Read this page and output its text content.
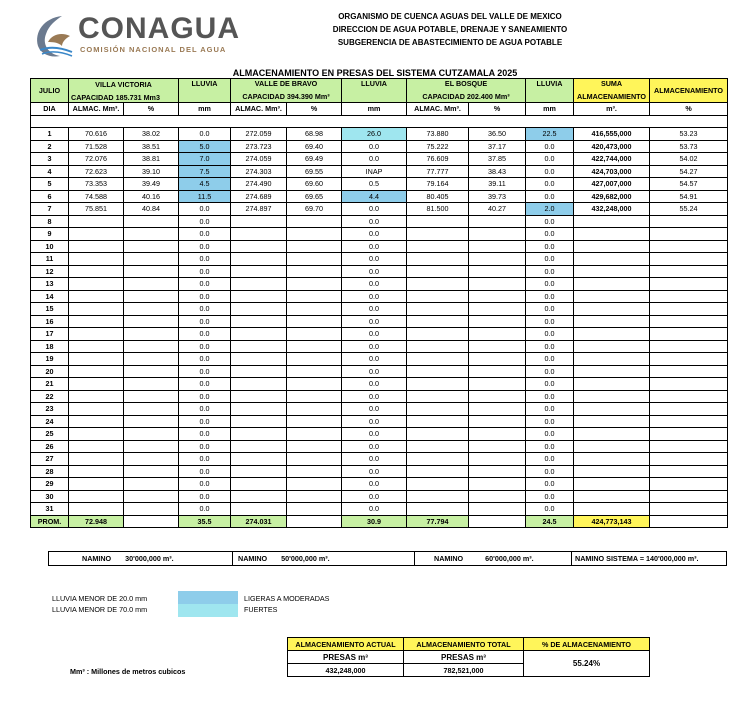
CONAGUA
COMISIÓN NACIONAL DEL AGUA
ORGANISMO DE CUENCA AGUAS DEL VALLE DE MEXICO
DIRECCION DE AGUA POTABLE, DRENAJE Y SANEAMIENTO
SUBGERENCIA DE ABASTECIMIENTO DE AGUA POTABLE
ALMACENAMIENTO EN PRESAS DEL SISTEMA CUTZAMALA 2025
JULIO	VILLA VICTORIA		LLUVIA	VALLE DE BRAVO		LLUVIA	EL BOSQUE		LLUVIA	SUMA	ALMACENAMIENTO
	CAPACIDAD 185.731 Mm3			CAPACIDAD 394.390 Mm³			CAPACIDAD 202.400 Mm³			ALMACENAMIENTO	
DIA	ALMAC. Mm³.	%	mm	ALMAC. Mm³.	%	mm	ALMAC. Mm³.	%	mm	m³.	%

1	70.616	38.02	0.0	272.059	68.98	26.0	73.880	36.50	22.5	416,555,000	53.23
2	71.528	38.51	5.0	273.723	69.40	0.0	75.222	37.17	0.0	420,473,000	53.73
3	72.076	38.81	7.0	274.059	69.49	0.0	76.609	37.85	0.0	422,744,000	54.02
4	72.623	39.10	7.5	274.303	69.55	INAP	77.777	38.43	0.0	424,703,000	54.27
5	73.353	39.49	4.5	274.490	69.60	0.5	79.164	39.11	0.0	427,007,000	54.57
6	74.588	40.16	11.5	274.689	69.65	4.4	80.405	39.73	0.0	429,682,000	54.91
7	75.851	40.84	0.0	274.897	69.70	0.0	81.500	40.27	2.0	432,248,000	55.24
8			0.0			0.0			0.0		
9			0.0			0.0			0.0		
10			0.0			0.0			0.0		
11			0.0			0.0			0.0		
12			0.0			0.0			0.0		
13			0.0			0.0			0.0		
14			0.0			0.0			0.0		
15			0.0			0.0			0.0		
16			0.0			0.0			0.0		
17			0.0			0.0			0.0		
18			0.0			0.0			0.0		
19			0.0			0.0			0.0		
20			0.0			0.0			0.0		
21			0.0			0.0			0.0		
22			0.0			0.0			0.0		
23			0.0			0.0			0.0		
24			0.0			0.0			0.0		
25			0.0			0.0			0.0		
26			0.0			0.0			0.0		
27			0.0			0.0			0.0		
28			0.0			0.0			0.0		
29			0.0			0.0			0.0		
30			0.0			0.0			0.0		
31			0.0			0.0			0.0		
PROM.	72.948		35.5	274.031		30.9	77.794		24.5	424,773,143	
NAMINO 30'000,000 m³.	NAMINO 50'000,000 m³.	NAMINO	60'000,000 m³.	NAMINO SISTEMA = 140'000,000 m³.
LLUVIA MENOR DE 20.0 mm
LLUVIA MENOR DE 70.0 mm
LIGERAS A MODERADAS
FUERTES
ALMACENAMIENTO ACTUAL	ALMACENAMIENTO TOTAL	% DE ALMACENAMIENTO
PRESAS m³	PRESAS m³	55.24%
432,248,000	782,521,000	
Mm³ : Millones de metros cubicos
